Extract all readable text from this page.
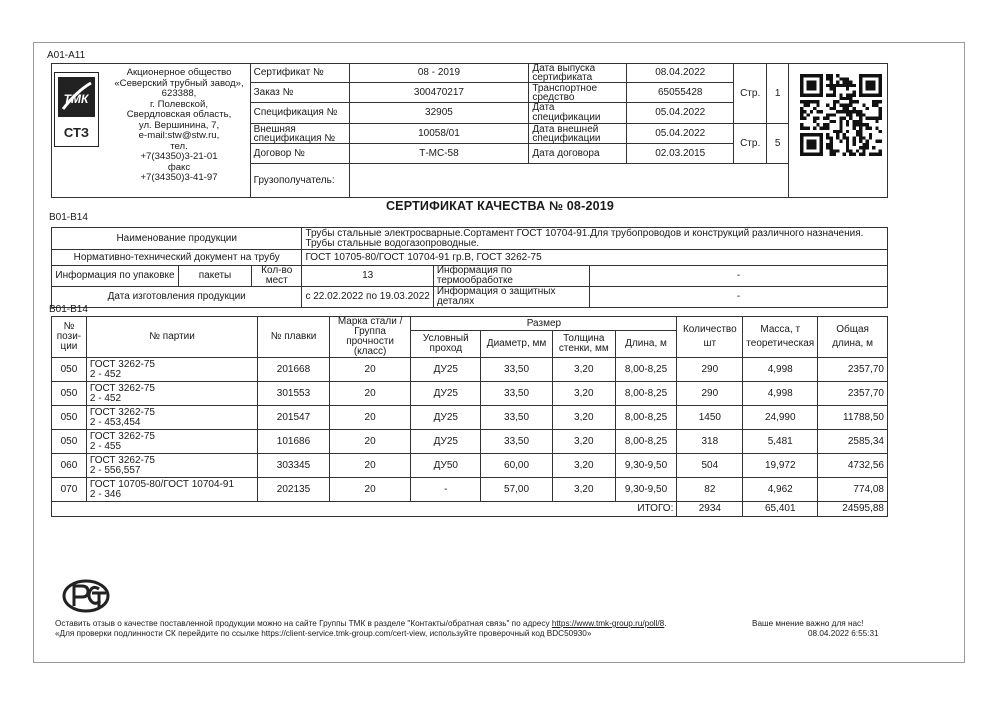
A01-A11
	Сертификат №	08 - 2019	Дата выпуска сертификата	08.04.2022	Стр.	1	
	Заказ №	300470217	Транспортное средство	65055428			
	Спецификация №	32905	Дата спецификации	05.04.2022			
	Внешняя спецификация №	10058/01	Дата внешней спецификации	05.04.2022	Стр.	5	
	Договор №	Т-МС-58	Дата договора	02.03.2015			
	Грузополучатель:						
ТМК
СТЗ
Акционерное общество
«Северский трубный завод»,
623388,
г. Полевской,
Свердловская область,
ул. Вершинина, 7,
e-mail:stw@stw.ru,
тел.
+7(34350)3-21-01
факс
+7(34350)3-41-97
СЕРТИФИКАТ КАЧЕСТВА № 08-2019
B01-B14
Наименование продукции			Трубы стальные электросварные.Сортамент ГОСТ 10704-91.Для трубопроводов и конструкций различного назначения.
Трубы стальные водогазопроводные.		

Нормативно-технический документ на трубу			ГОСТ 10705-80/ГОСТ 10704-91 гр.В, ГОСТ 3262-75		
Информация по упаковке	пакеты	Кол-во мест	13	Информация по термообработке	-
Дата изготовления продукции			с 22.02.2022 по 19.03.2022	Информация о защитных деталях	-
B01-B14
№ пози-ции	№ партии	№ плавки	Марка стали / Группа прочности (класс)	Размер				Количество шт	Масса, т теоретическая	Общая длина, м
				Условный проход	Диаметр, мм	Толщина стенки, мм	Длина, м			
050	ГОСТ 3262-75
2 - 452	201668	20	ДУ25	33,50	3,20	8,00-8,25	290	4,998	2357,70
050	ГОСТ 3262-75
2 - 452	301553	20	ДУ25	33,50	3,20	8,00-8,25	290	4,998	2357,70
050	ГОСТ 3262-75
2 - 453,454	201547	20	ДУ25	33,50	3,20	8,00-8,25	1450	24,990	11788,50
050	ГОСТ 3262-75
2 - 455	101686	20	ДУ25	33,50	3,20	8,00-8,25	318	5,481	2585,34
060	ГОСТ 3262-75
2 - 556,557	303345	20	ДУ50	60,00	3,20	9,30-9,50	504	19,972	4732,56
070	ГОСТ 10705-80/ГОСТ 10704-91
2 - 346	202135	20	-	57,00	3,20	9,30-9,50	82	4,962	774,08
ИТОГО:								2934	65,401	24595,88
Оставить отзыв о качестве поставленной продукции можно на сайте Группы ТМК в разделе "Контакты/обратная связь" по адресу https://www.tmk-group.ru/poll/8.
«Для проверки подлинности СК перейдите по ссылке https://client-service.tmk-group.com/cert-view, используйте проверочный код BDC50930»
Ваше мнение важно для нас!
08.04.2022 6:55:31
